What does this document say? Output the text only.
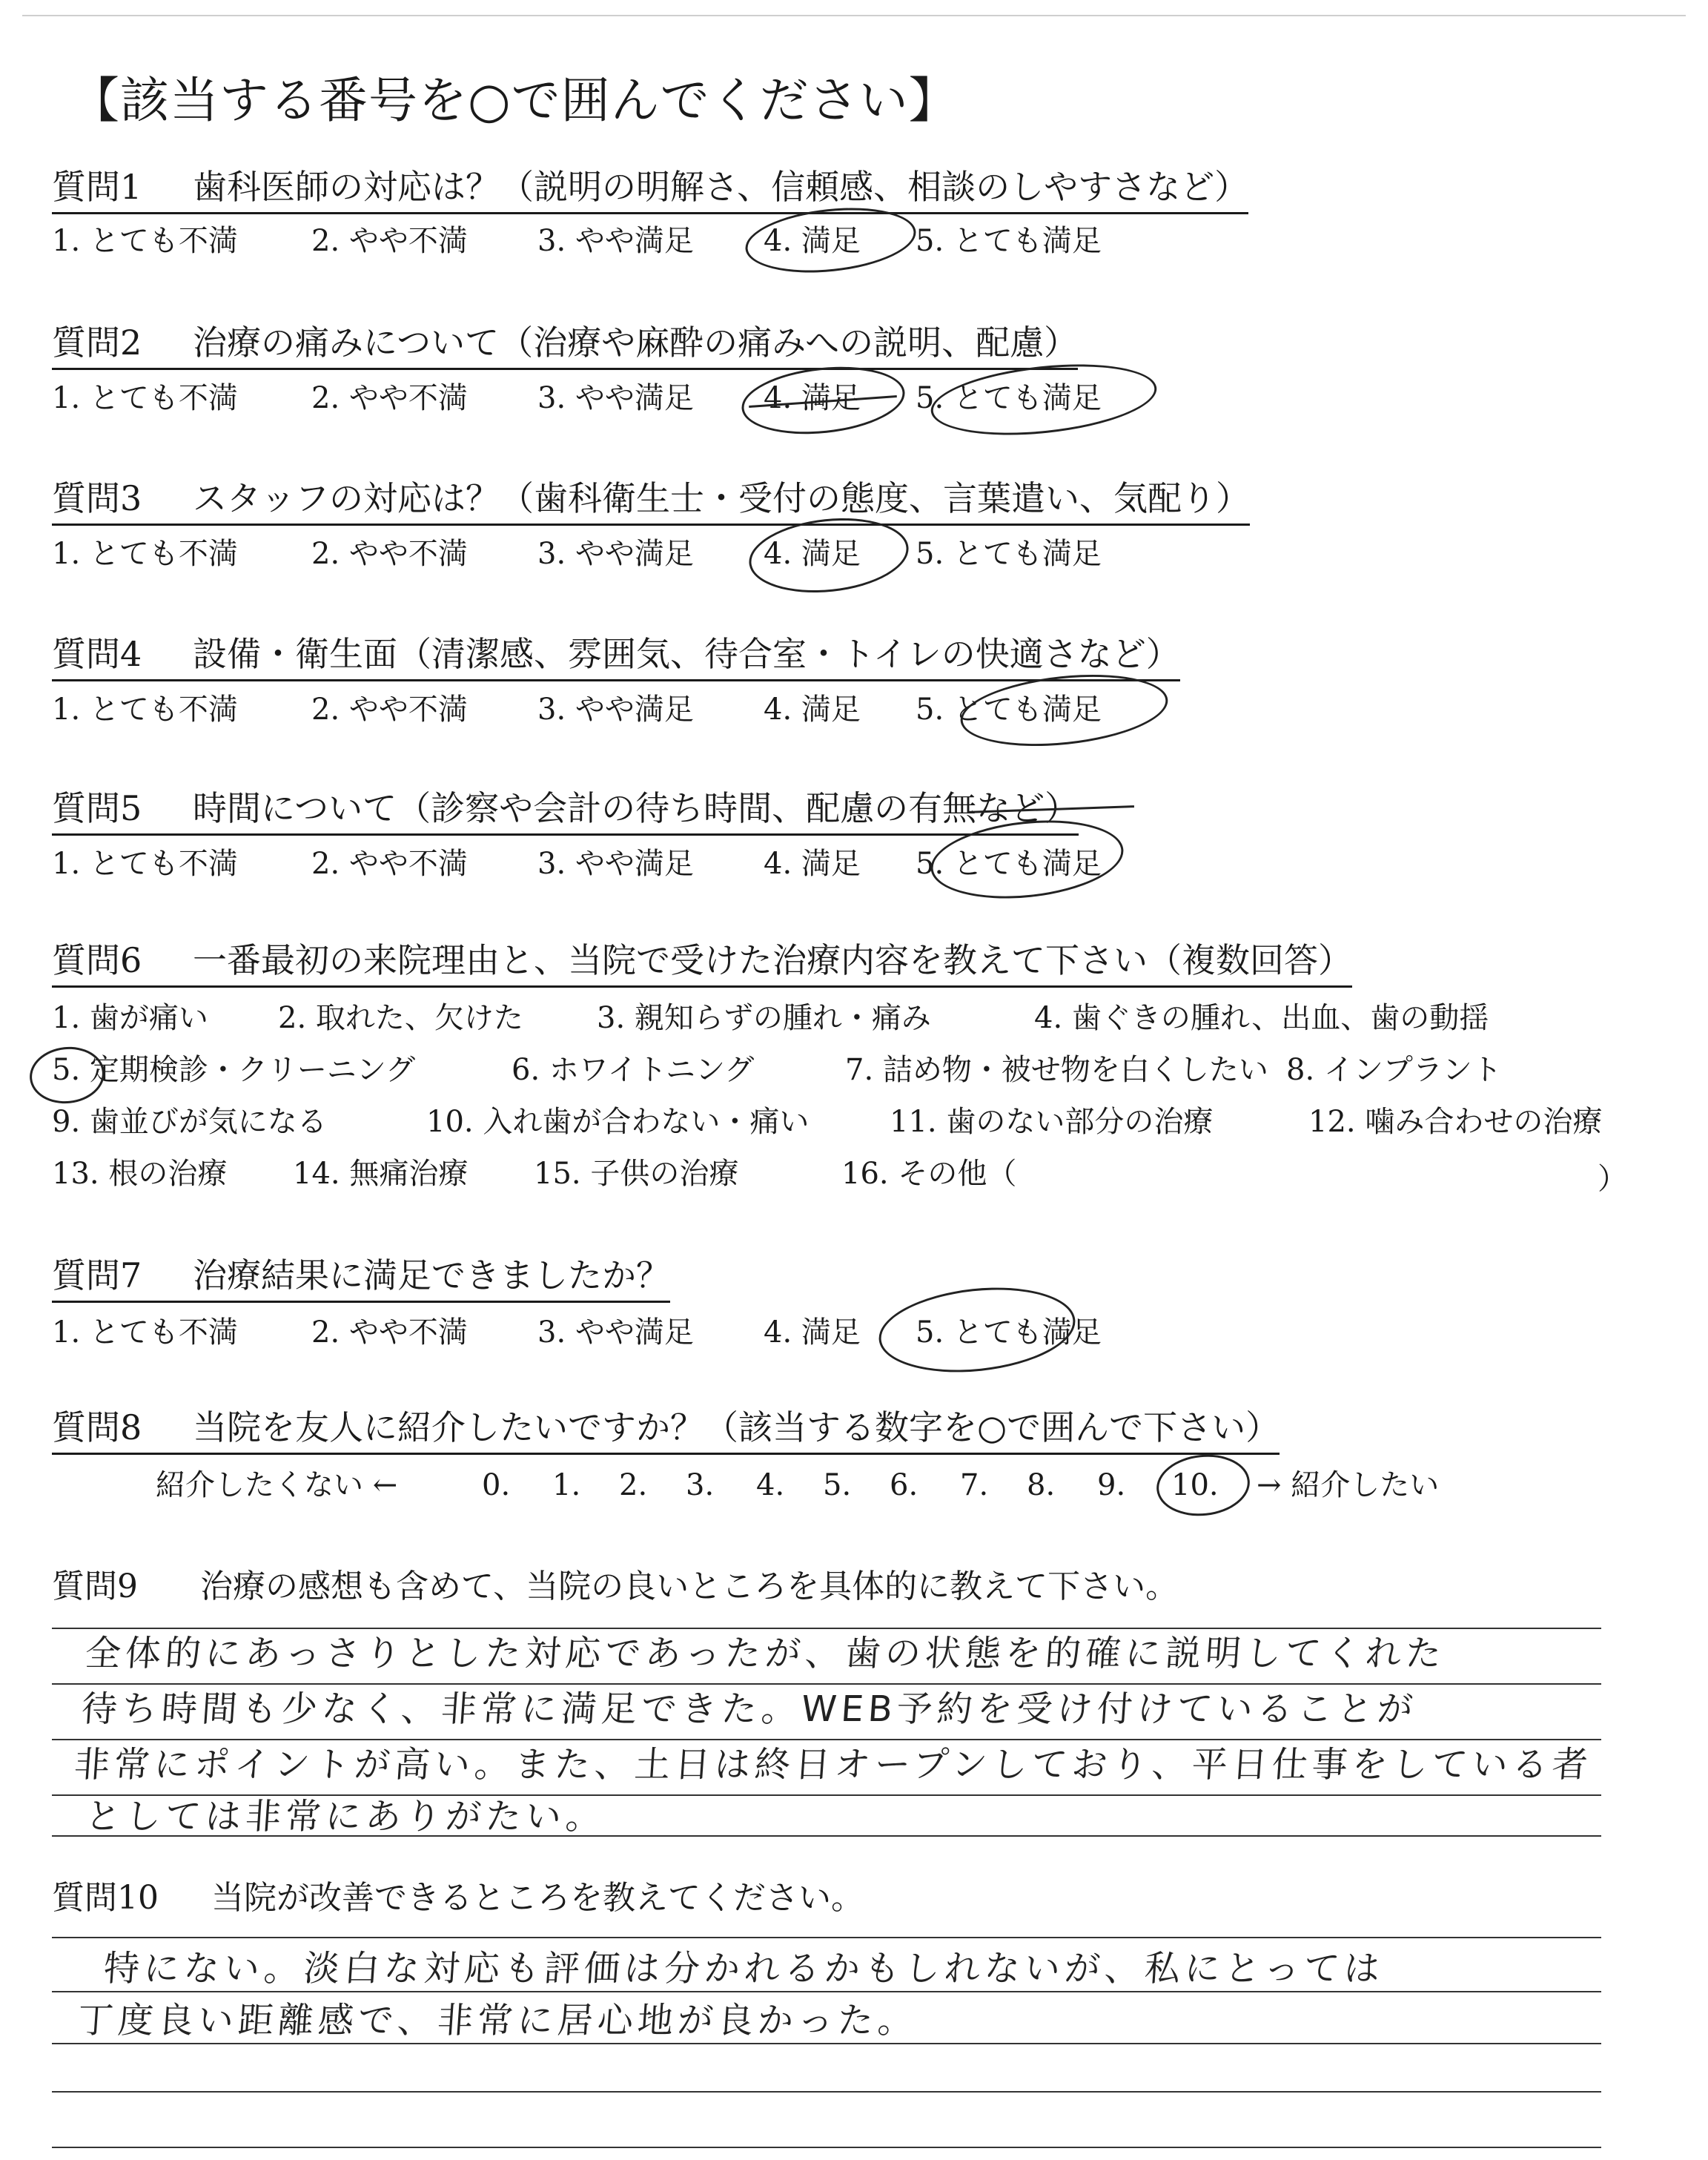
【該当する番号を○で囲んでください】
質問1 歯科医師の対応は？（説明の明解さ、信頼感、相談のしやすさなど）
1. とても不満 2. やや不満 3. やや満足 4. 満足 5. とても満足
質問2 治療の痛みについて（治療や麻酔の痛みへの説明、配慮）
1. とても不満 2. やや不満 3. やや満足 4. 満足 5. とても満足
質問3 スタッフの対応は？（歯科衛生士・受付の態度、言葉遣い、気配り）
1. とても不満 2. やや不満 3. やや満足 4. 満足 5. とても満足
質問4 設備・衛生面（清潔感、雰囲気、待合室・トイレの快適さなど）
1. とても不満 2. やや不満 3. やや満足 4. 満足 5. とても満足
質問5 時間について（診察や会計の待ち時間、配慮の有無など）
1. とても不満 2. やや不満 3. やや満足 4. 満足 5. とても満足
質問6 一番最初の来院理由と、当院で受けた治療内容を教えて下さい（複数回答）
1. 歯が痛い 2. 取れた、欠けた 3. 親知らずの腫れ・痛み	4. 歯ぐきの腫れ、出血、歯の動揺
5. 定期検診・クリーニング	6. ホワイトニング	7. 詰め物・被せ物を白くしたい 8. インプラント
9. 歯並びが気になる	10. 入れ歯が合わない・痛い	11. 歯のない部分の治療	12. 噛み合わせの治療
13. 根の治療 14. 無痛治療 15. 子供の治療	16. その他（	）
質問7 治療結果に満足できましたか？
1. とても不満 2. やや不満 3. やや満足 4. 満足 5. とても満足
質問8 当院を友人に紹介したいですか？（該当する数字を○で囲んで下さい）
紹介したくない ←	0. 1. 2. 3. 4. 5. 6. 7. 8. 9. 10. → 紹介したい
質問9 治療の感想も含めて、当院の良いところを具体的に教えて下さい。
全体的にあっさりとした対応であったが、歯の状態を的確に説明してくれた
待ち時間も少なく、非常に満足できた。WEB予約を受け付けていることが
非常にポイントが高い。また、土日は終日オープンしており、平日仕事をしている者
としては非常にありがたい。
質問10 当院が改善できるところを教えてください。
特にない。淡白な対応も評価は分かれるかもしれないが、私にとっては
丁度良い距離感で、非常に居心地が良かった。
